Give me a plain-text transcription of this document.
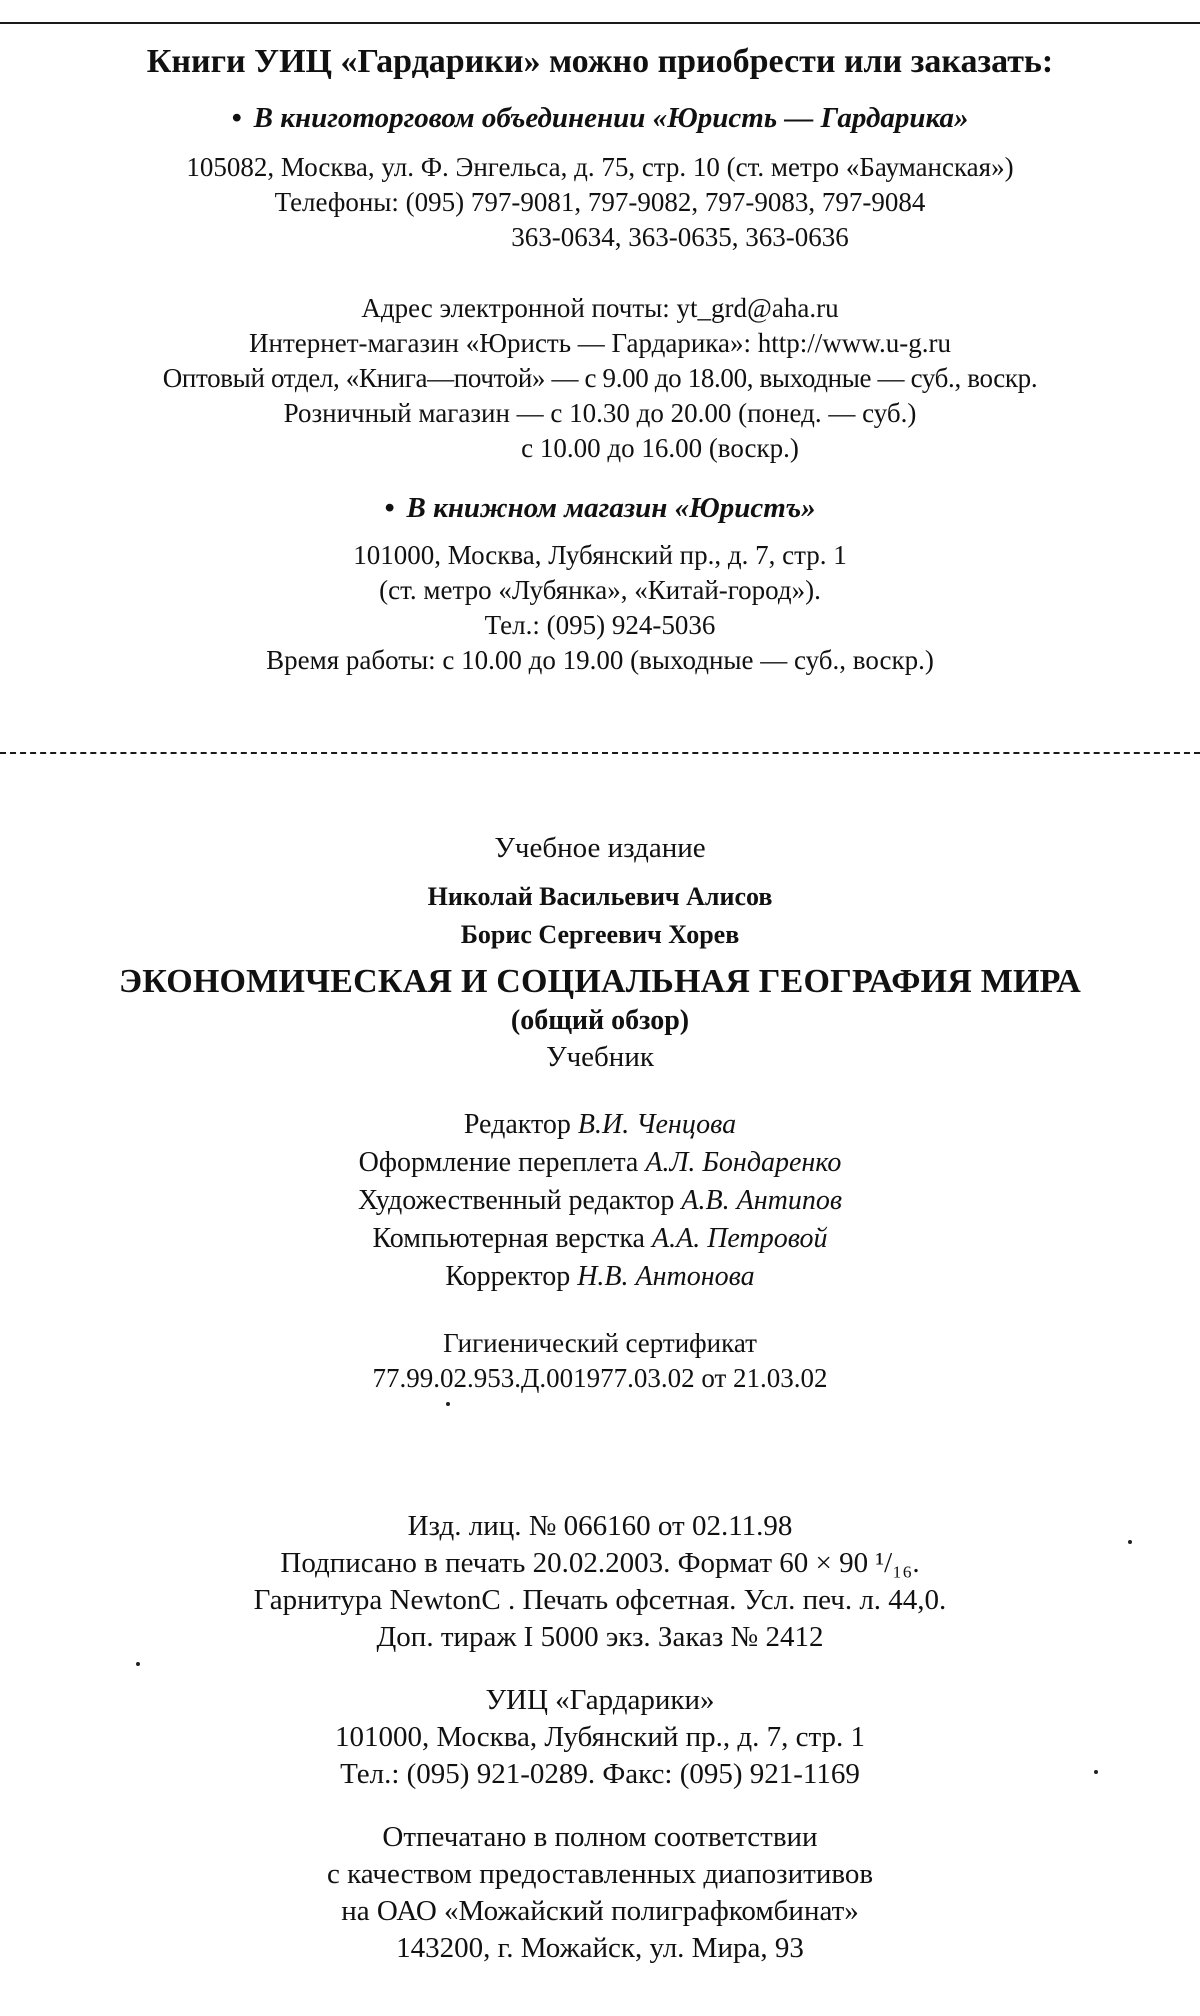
Книги УИЦ «Гардарики» можно приобрести или заказать:
• В книготорговом объединении «Юристь — Гардарика»
105082, Москва, ул. Ф. Энгельса, д. 75, стр. 10 (ст. метро «Бауманская»)
Телефоны: (095) 797-9081, 797-9082, 797-9083, 797-9084
363-0634, 363-0635, 363-0636
Адрес электронной почты: yt_grd@aha.ru
Интернет-магазин «Юристь — Гардарика»: http://www.u-g.ru
Оптовый отдел, «Книга—почтой» — с 9.00 до 18.00, выходные — суб., воскр.
Розничный магазин — с 10.30 до 20.00 (понед. — суб.)
с 10.00 до 16.00 (воскр.)
• В книжном магазин «Юристъ»
101000, Москва, Лубянский пр., д. 7, стр. 1
(ст. метро «Лубянка», «Китай-город»).
Тел.: (095) 924-5036
Время работы: с 10.00 до 19.00 (выходные — суб., воскр.)
Учебное издание
Николай Васильевич Алисов
Борис Сергеевич Хорев
ЭКОНОМИЧЕСКАЯ И СОЦИАЛЬНАЯ ГЕОГРАФИЯ МИРА
(общий обзор)
Учебник
Редактор В.И. Ченцова
Оформление переплета А.Л. Бондаренко
Художественный редактор А.В. Антипов
Компьютерная верстка А.А. Петровой
Корректор Н.В. Антонова
Гигиенический сертификат
77.99.02.953.Д.001977.03.02 от 21.03.02
Изд. лиц. № 066160 от 02.11.98
Подписано в печать 20.02.2003. Формат 60 × 90 ¹/₁₆.
Гарнитура NewtonC . Печать офсетная. Усл. печ. л. 44,0.
Доп. тираж I 5000 экз. Заказ № 2412
УИЦ «Гардарики»
101000, Москва, Лубянский пр., д. 7, стр. 1
Тел.: (095) 921-0289. Факс: (095) 921-1169
Отпечатано в полном соответствии
с качеством предоставленных диапозитивов
на ОАО «Можайский полиграфкомбинат»
143200, г. Можайск, ул. Мира, 93
